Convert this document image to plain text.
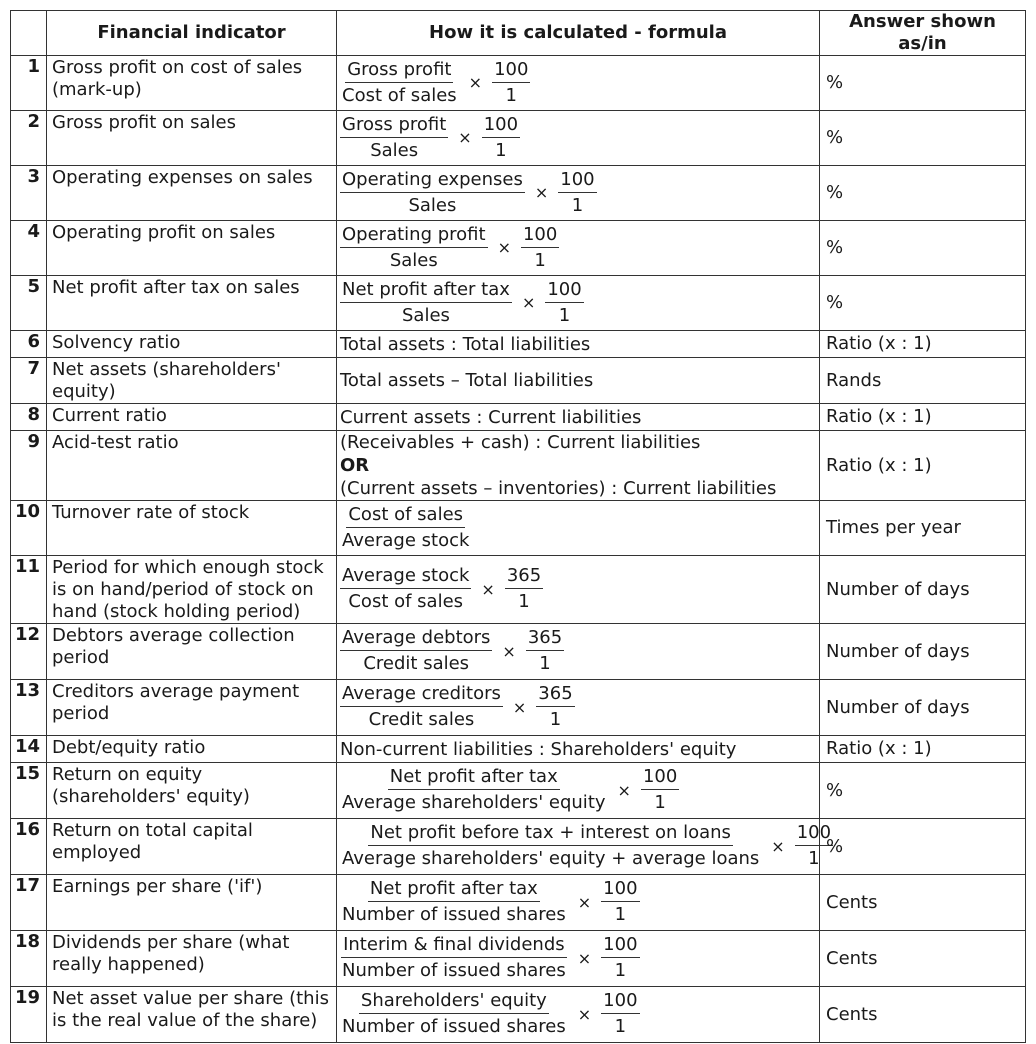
	Financial indicator	How it is calculated - formula	Answer shown as/in
1	Gross profit on cost of sales (mark-up)	$\frac{\text{Gross profit}}{\text{Cost of sales}} \times \frac{100}{1}$	%
2	Gross profit on sales	$\frac{\text{Gross profit}}{\text{Sales}} \times \frac{100}{1}$	%
3	Operating expenses on sales	$\frac{\text{Operating expenses}}{\text{Sales}} \times \frac{100}{1}$	%
4	Operating profit on sales	$\frac{\text{Operating profit}}{\text{Sales}} \times \frac{100}{1}$	%
5	Net profit after tax on sales	$\frac{\text{Net profit after tax}}{\text{Sales}} \times \frac{100}{1}$	%
6	Solvency ratio	Total assets : Total liabilities	Ratio (x : 1)
7	Net assets (shareholders' equity)	Total assets – Total liabilities	Rands
8	Current ratio	Current assets : Current liabilities	Ratio (x : 1)
9	Acid-test ratio	(Receivables + cash) : Current liabilities
OR
(Current assets – inventories) : Current liabilities	Ratio (x : 1)
10	Turnover rate of stock	$\frac{\text{Cost of sales}}{\text{Average stock}}$	Times per year
11	Period for which enough stock is on hand/period of stock on hand (stock holding period)	$\frac{\text{Average stock}}{\text{Cost of sales}} \times \frac{365}{1}$	Number of days
12	Debtors average collection period	$\frac{\text{Average debtors}}{\text{Credit sales}} \times \frac{365}{1}$	Number of days
13	Creditors average payment period	$\frac{\text{Average creditors}}{\text{Credit sales}} \times \frac{365}{1}$	Number of days
14	Debt/equity ratio	Non-current liabilities : Shareholders' equity	Ratio (x : 1)
15	Return on equity (shareholders' equity)	$\frac{\text{Net profit after tax}}{\text{Average shareholders' equity}} \times \frac{100}{1}$	%
16	Return on total capital employed	$\frac{\text{Net profit before tax + interest on loans}}{\text{Average shareholders' equity + average loans}} \times \frac{100}{1}$	%
17	Earnings per share ('if')	$\frac{\text{Net profit after tax}}{\text{Number of issued shares}} \times \frac{100}{1}$	Cents
18	Dividends per share (what really happened)	$\frac{\text{Interim \& final dividends}}{\text{Number of issued shares}} \times \frac{100}{1}$	Cents
19	Net asset value per share (this is the real value of the share)	$\frac{\text{Shareholders' equity}}{\text{Number of issued shares}} \times \frac{100}{1}$	Cents
